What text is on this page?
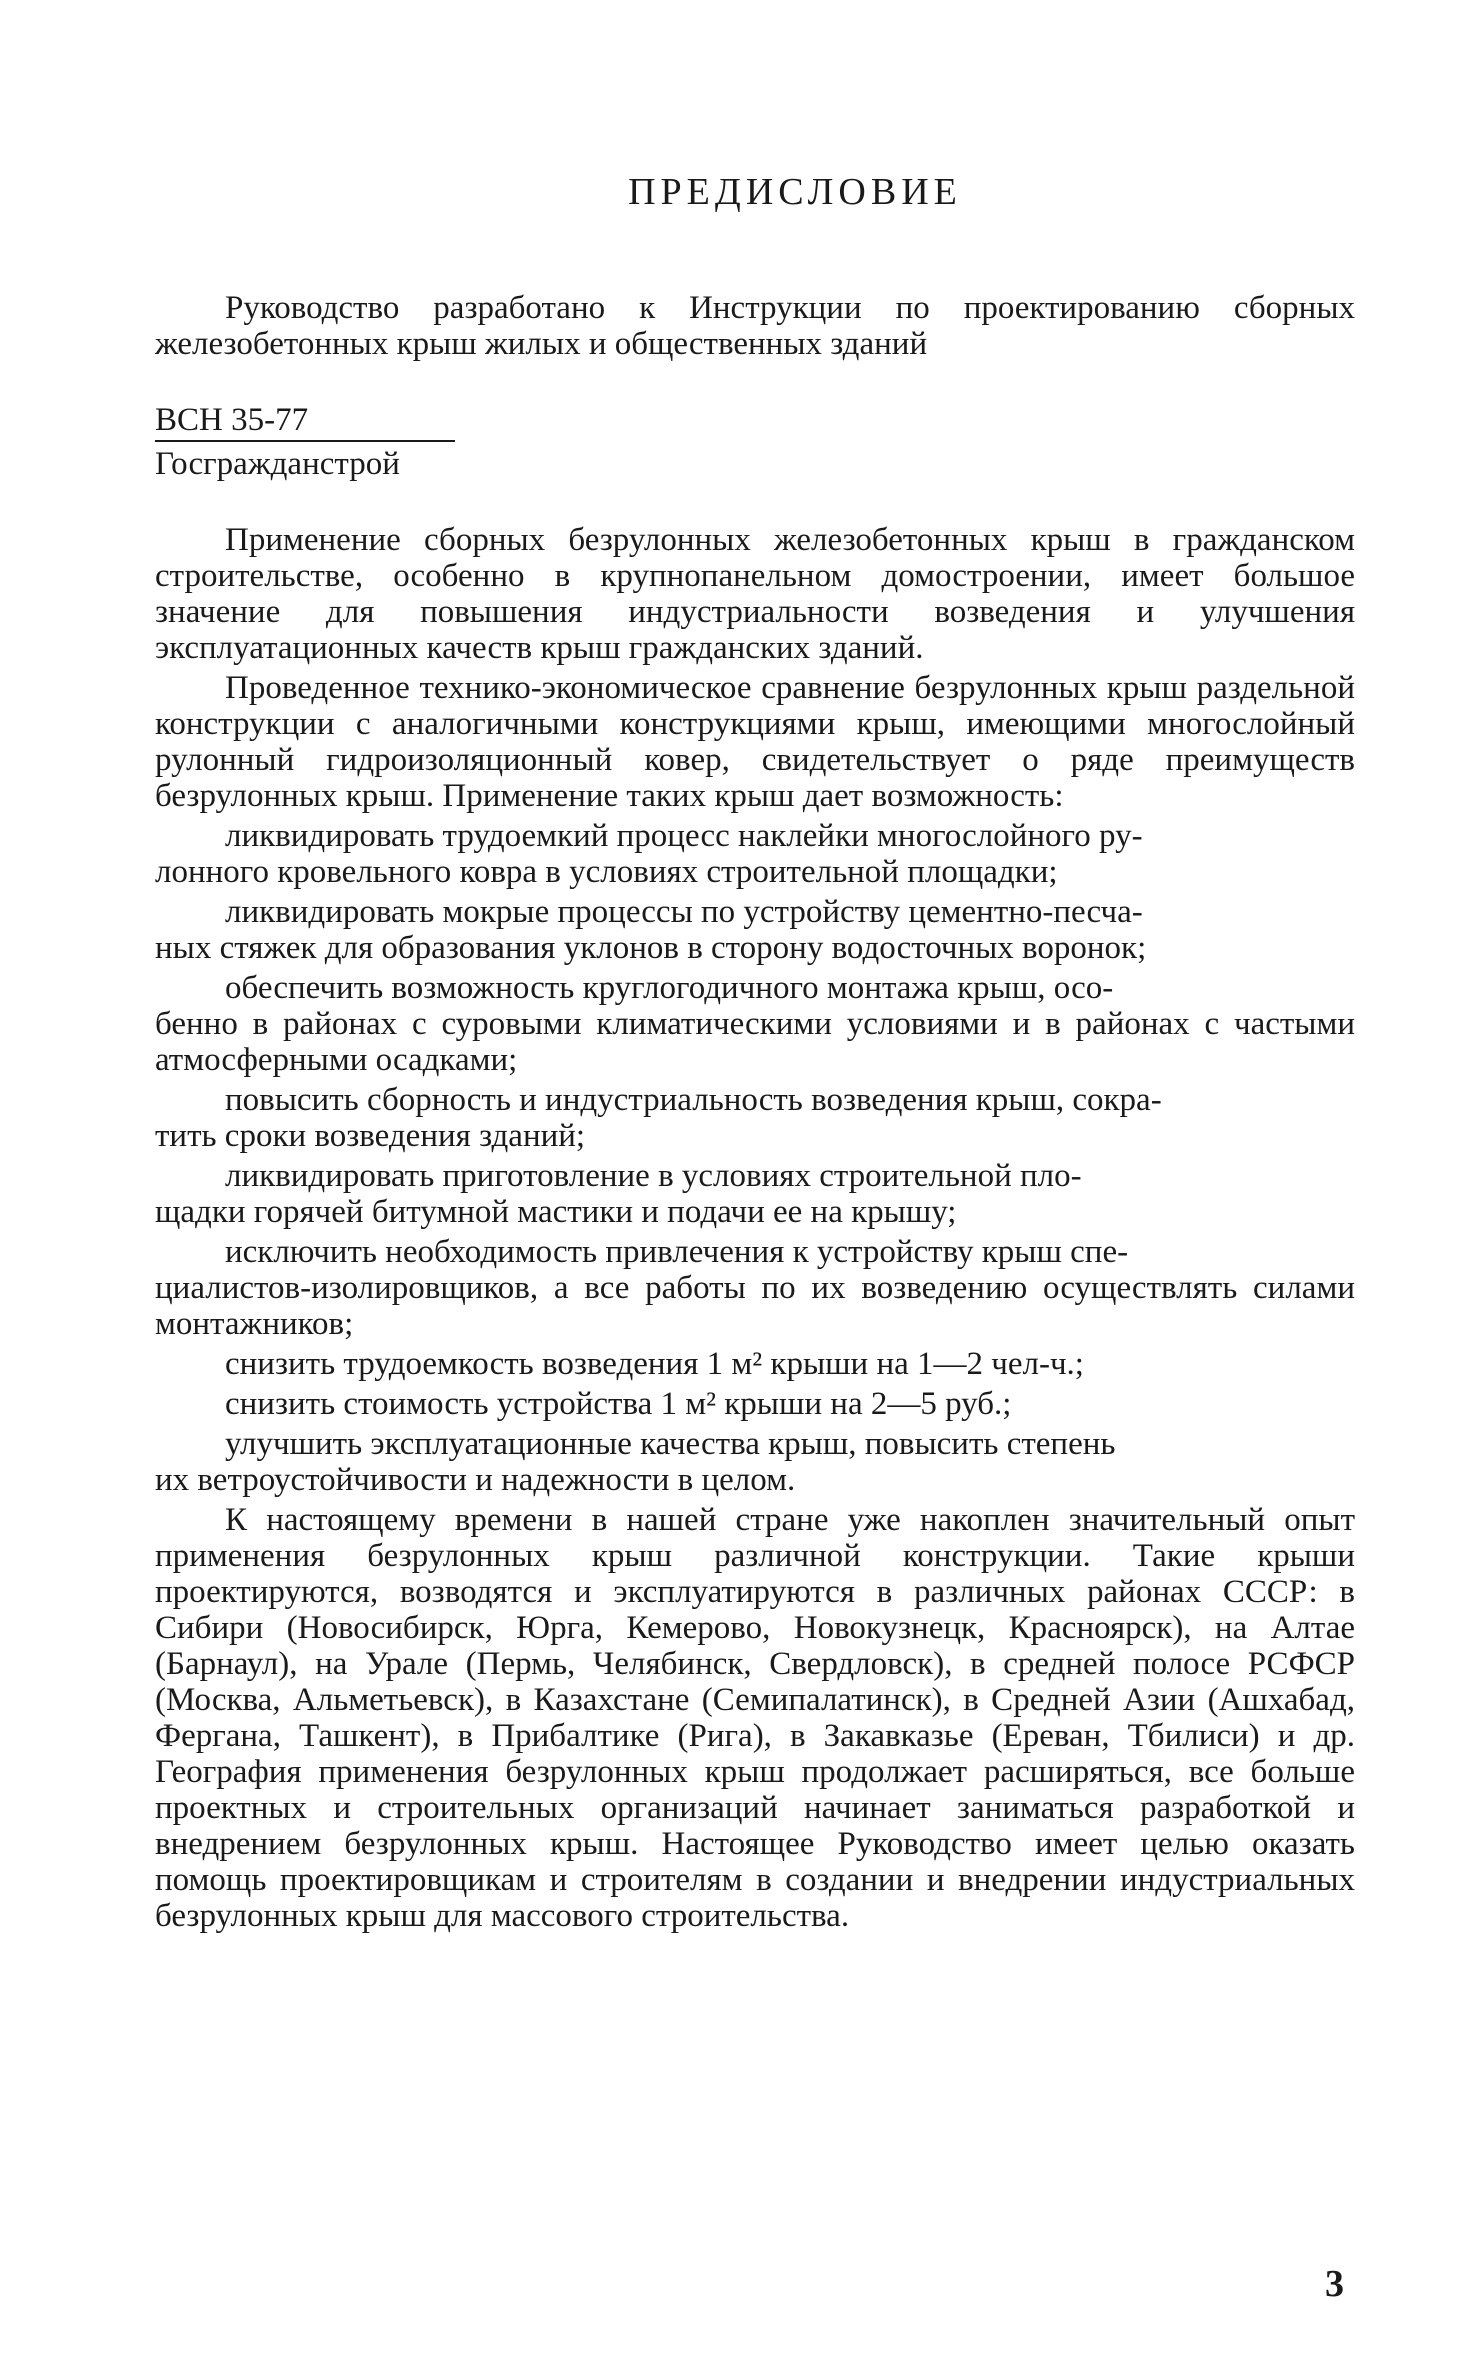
ПРЕДИСЛОВИЕ

Руководство разработано к Инструкции по проектированию сборных железобетонных крыш жилых и общественных зданий

ВСН 35-77
Госгражданстрой

Применение сборных безрулонных железобетонных крыш в гражданском строительстве, особенно в крупнопанельном домостроении, имеет большое значение для повышения индустриальности возведения и улучшения эксплуатационных качеств крыш гражданских зданий.

Проведенное технико-экономическое сравнение безрулонных крыш раздельной конструкции с аналогичными конструкциями крыш, имеющими многослойный рулонный гидроизоляционный ковер, свидетельствует о ряде преимуществ безрулонных крыш. Применение таких крыш дает возможность:

ликвидировать трудоемкий процесс наклейки многослойного ру-
лонного кровельного ковра в условиях строительной площадки;

ликвидировать мокрые процессы по устройству цементно-песча-
ных стяжек для образования уклонов в сторону водосточных воронок;

обеспечить возможность круглогодичного монтажа крыш, осо-
бенно в районах с суровыми климатическими условиями и в районах с частыми атмосферными осадками;

повысить сборность и индустриальность возведения крыш, сокра-
тить сроки возведения зданий;

ликвидировать приготовление в условиях строительной пло-
щадки горячей битумной мастики и подачи ее на крышу;

исключить необходимость привлечения к устройству крыш спе-
циалистов-изолировщиков, а все работы по их возведению осуществлять силами монтажников;

снизить трудоемкость возведения 1 м² крыши на 1—2 чел-ч.;

снизить стоимость устройства 1 м² крыши на 2—5 руб.;

улучшить эксплуатационные качества крыш, повысить степень
их ветроустойчивости и надежности в целом.

К настоящему времени в нашей стране уже накоплен значительный опыт применения безрулонных крыш различной конструкции. Такие крыши проектируются, возводятся и эксплуатируются в различных районах СССР: в Сибири (Новосибирск, Юрга, Кемерово, Новокузнецк, Красноярск), на Алтае (Барнаул), на Урале (Пермь, Челябинск, Свердловск), в средней полосе РСФСР (Москва, Альметьевск), в Казахстане (Семипалатинск), в Средней Азии (Ашхабад, Фергана, Ташкент), в Прибалтике (Рига), в Закавказье (Ереван, Тбилиси) и др. География применения безрулонных крыш продолжает расширяться, все больше проектных и строительных организаций начинает заниматься разработкой и внедрением безрулонных крыш. Настоящее Руководство имеет целью оказать помощь проектировщикам и строителям в создании и внедрении индустриальных безрулонных крыш для массового строительства.

3
